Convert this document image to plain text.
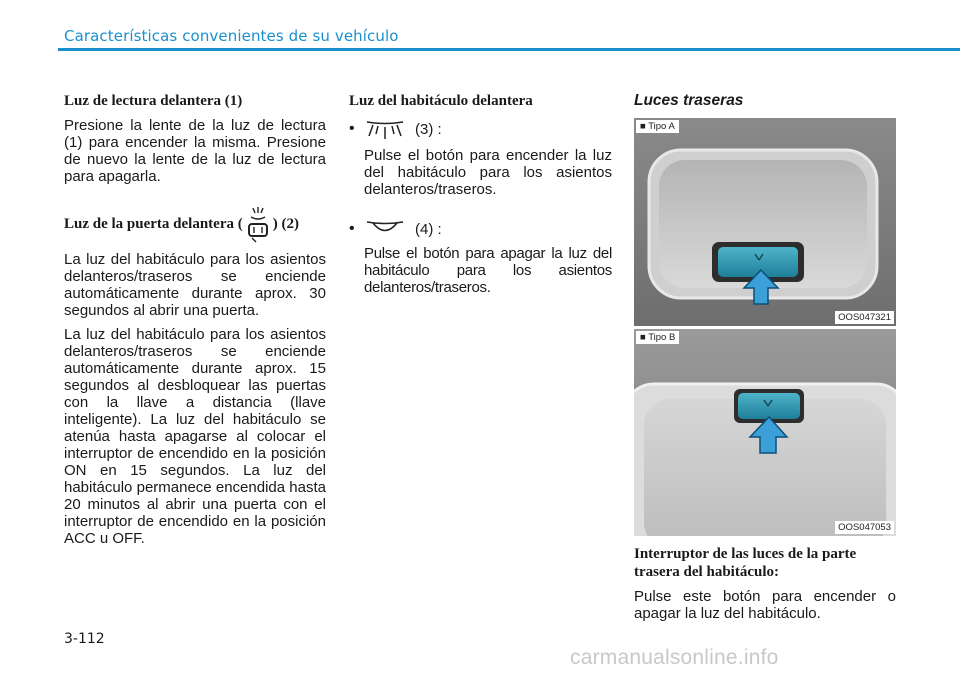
Características convenientes de su vehículo

Luz de lectura delantera (1)

Presione la lente de la luz de lectura (1) para encender la misma. Presione de nuevo la lente de la luz de lectura para apagarla.

Luz de la puerta delantera ( ) (2)

La luz del habitáculo para los asientos delanteros/traseros se enciende automáticamente durante aprox. 30 segundos al abrir una puerta.

La luz del habitáculo para los asientos delanteros/traseros se enciende automáticamente durante aprox. 15 segundos al desbloquear las puertas con la llave a distancia (llave inteligente). La luz del habitáculo se atenúa hasta apagarse al colocar el interruptor de encendido en la posición ON en 15 segundos. La luz del habitáculo permanece encendida hasta 20 minutos al abrir una puerta con el interruptor de encendido en la posición ACC u OFF.

Luz del habitáculo delantera

•	(3) :

Pulse el botón para encender la luz del habitáculo para los asientos delanteros/traseros.

•	(4) :

Pulse el botón para apagar la luz del habitáculo para los asientos delanteros/traseros.

Luces traseras

■ Tipo A
OOS047321
■ Tipo B
OOS047053

Interruptor de las luces de la parte trasera del habitáculo:

Pulse este botón para encender o apagar la luz del habitáculo.

3-112
carmanualsonline.info
